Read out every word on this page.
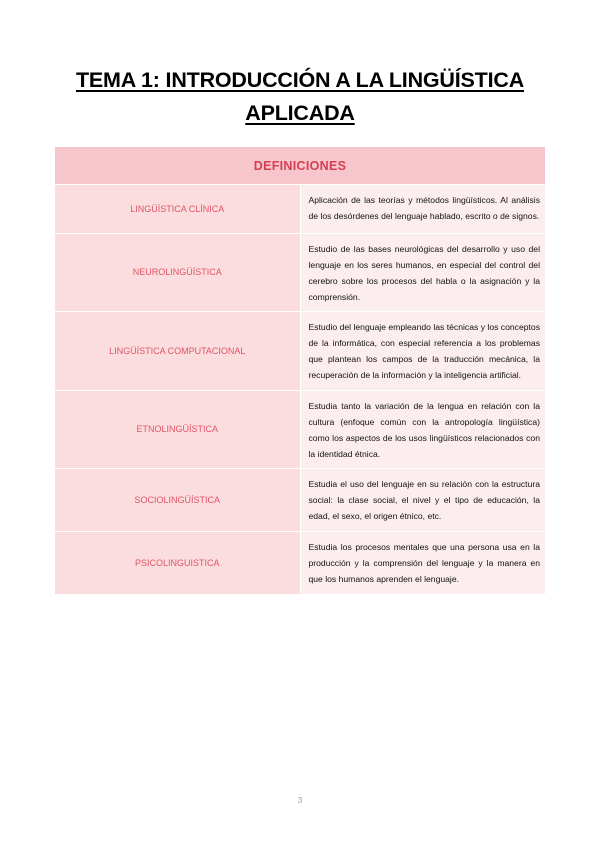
TEMA 1: INTRODUCCIÓN A LA LINGÜÍSTICA
APLICADA
DEFINICIONES	
LINGÜÍSTICA CLÍNICA	Aplicación de las teorías y métodos lingüísticos. Al análisis de los desórdenes del lenguaje hablado, escrito o de signos.
NEUROLINGÜÍSTICA	Estudio de las bases neurológicas del desarrollo y uso del lenguaje en los seres humanos, en especial del control del cerebro sobre los procesos del habla o la asignación y la comprensión.
LINGÜÍSTICA COMPUTACIONAL	Estudio del lenguaje empleando las técnicas y los conceptos de la informática, con especial referencia a los problemas que plantean los campos de la traducción mecánica, la recuperación de la información y la inteligencia artificial.
ETNOLINGÜÍSTICA	Estudia tanto la variación de la lengua en relación con la cultura (enfoque común con la antropología lingüística) como los aspectos de los usos lingüísticos relacionados con la identidad étnica.
SOCIOLINGÜÍSTICA	Estudia el uso del lenguaje en su relación con la estructura social: la clase social, el nivel y el tipo de educación, la edad, el sexo, el origen étnico, etc.
PSICOLINGUISTICA	Estudia los procesos mentales que una persona usa en la producción y la comprensión del lenguaje y la manera en que los humanos aprenden el lenguaje.
3
